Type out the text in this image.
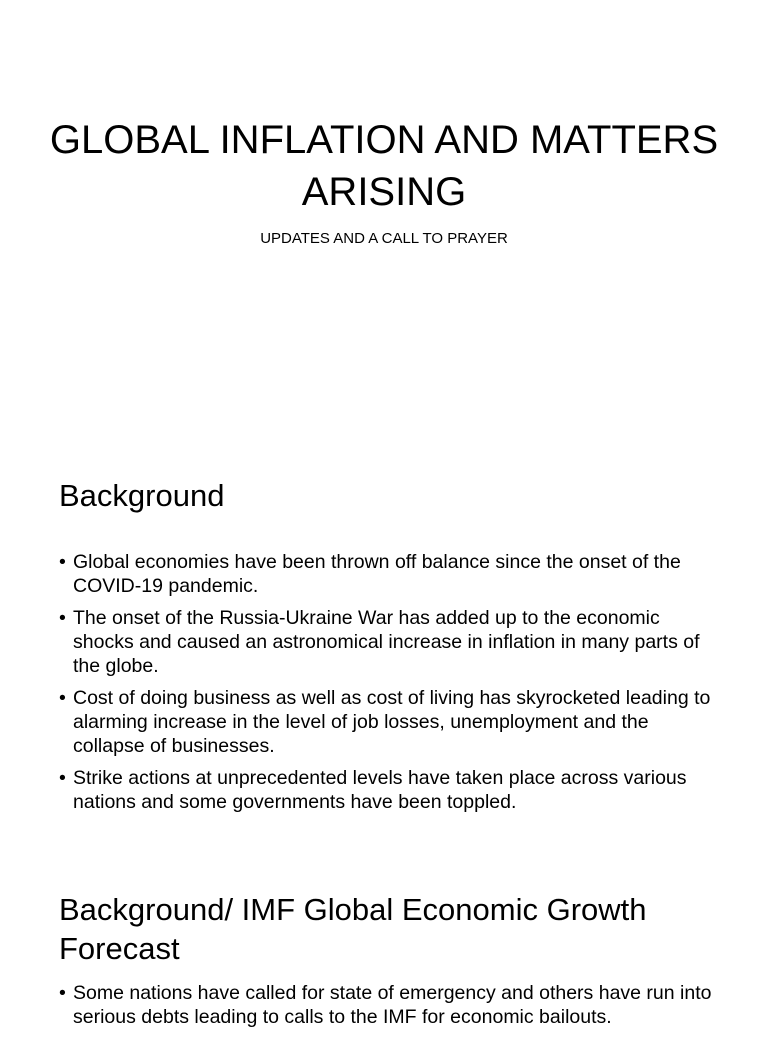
GLOBAL INFLATION AND MATTERS ARISING
UPDATES AND A CALL TO PRAYER
Background
• Global economies have been thrown off balance since the onset of the COVID-19 pandemic.
• The onset of the Russia-Ukraine War has added up to the economic shocks and caused an astronomical increase in inflation in many parts of the globe.
• Cost of doing business as well as cost of living has skyrocketed leading to alarming increase in the level of job losses, unemployment and the collapse of businesses.
• Strike actions at unprecedented levels have taken place across various nations and some governments have been toppled.
Background/ IMF Global Economic Growth Forecast
• Some nations have called for state of emergency and others have run into serious debts leading to calls to the IMF for economic bailouts.
